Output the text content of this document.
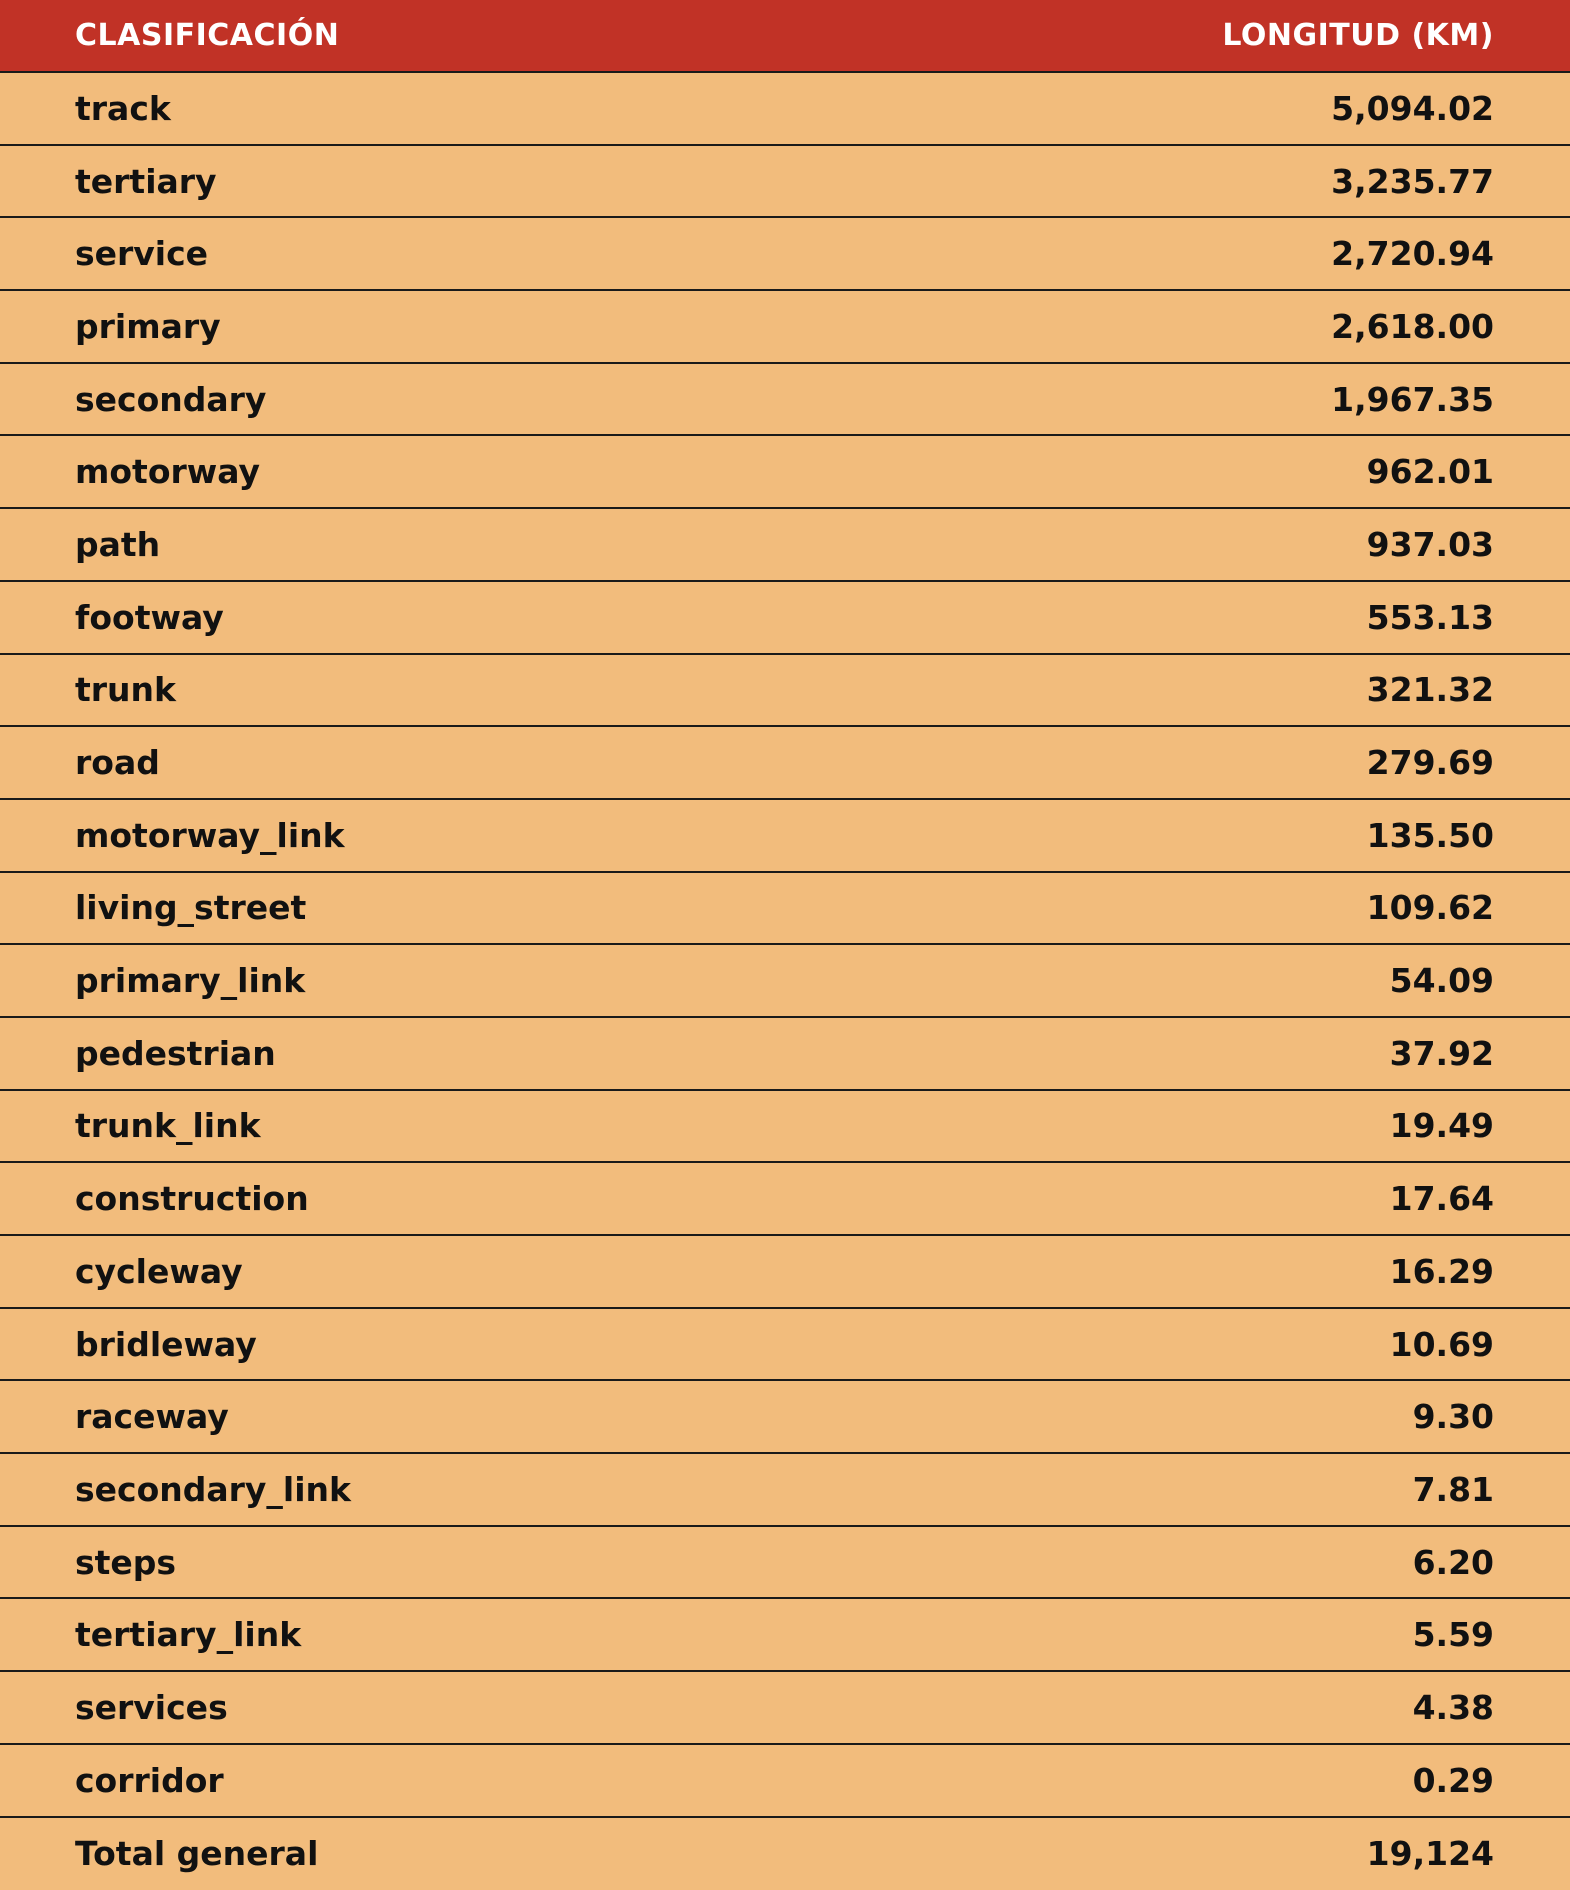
CLASIFICACIÓN	LONGITUD (KM)
track	5,094.02
tertiary	3,235.77
service	2,720.94
primary	2,618.00
secondary	1,967.35
motorway	962.01
path	937.03
footway	553.13
trunk	321.32
road	279.69
motorway_link	135.50
living_street	109.62
primary_link	54.09
pedestrian	37.92
trunk_link	19.49
construction	17.64
cycleway	16.29
bridleway	10.69
raceway	9.30
secondary_link	7.81
steps	6.20
tertiary_link	5.59
services	4.38
corridor	0.29
Total general	19,124
